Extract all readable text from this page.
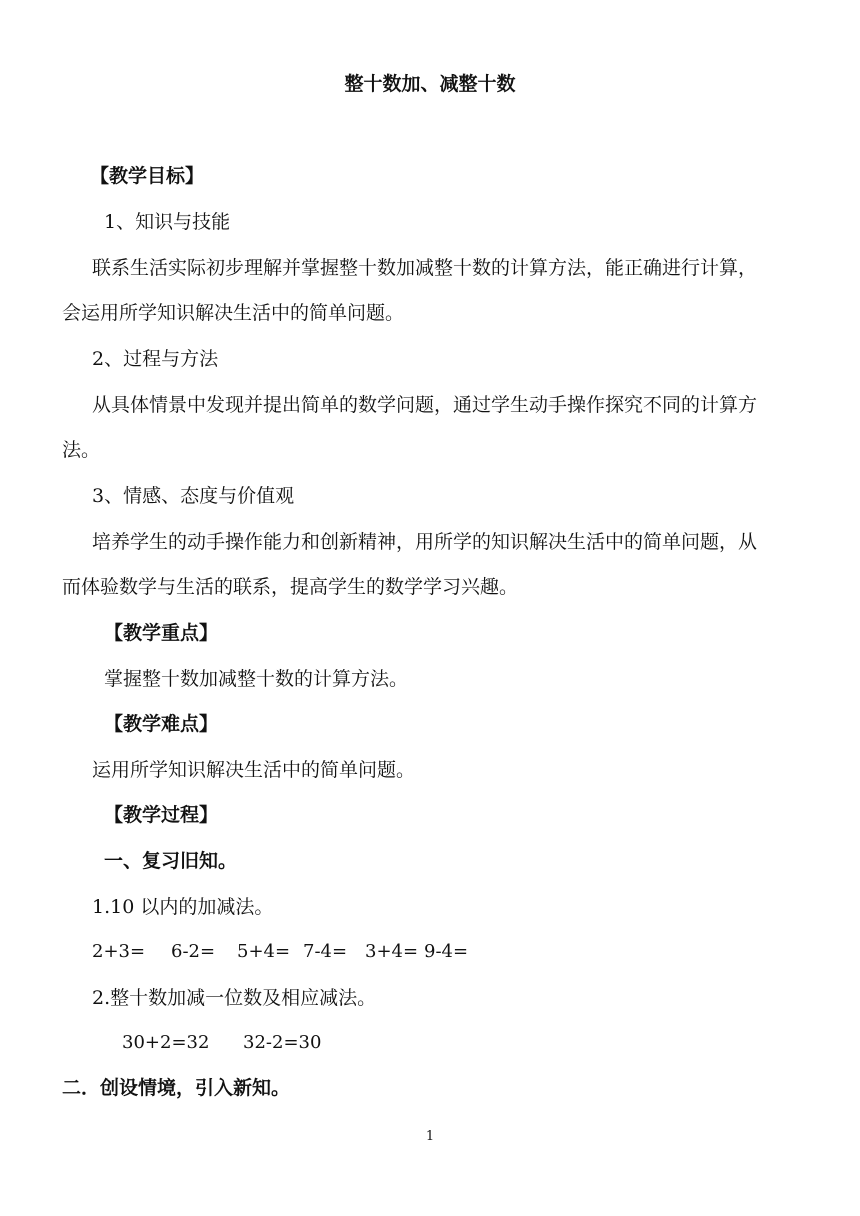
整十数加、减整十数
【教学目标】
1、知识与技能
联系生活实际初步理解并掌握整十数加减整十数的计算方法，能正确进行计算，
会运用所学知识解决生活中的简单问题。
2、过程与方法
从具体情景中发现并提出简单的数学问题，通过学生动手操作探究不同的计算方
法。
3、情感、态度与价值观
培养学生的动手操作能力和创新精神，用所学的知识解决生活中的简单问题，从
而体验数学与生活的联系，提高学生的数学学习兴趣。
【教学重点】
掌握整十数加减整十数的计算方法。
【教学难点】
运用所学知识解决生活中的简单问题。
【教学过程】
一、复习旧知。
1.10 以内的加减法。
2+3= 6-2= 5+4= 7-4= 3+4= 9-4=
2.整十数加减一位数及相应减法。
30+2=32 32-2=30
二．创设情境，引入新知。
1
